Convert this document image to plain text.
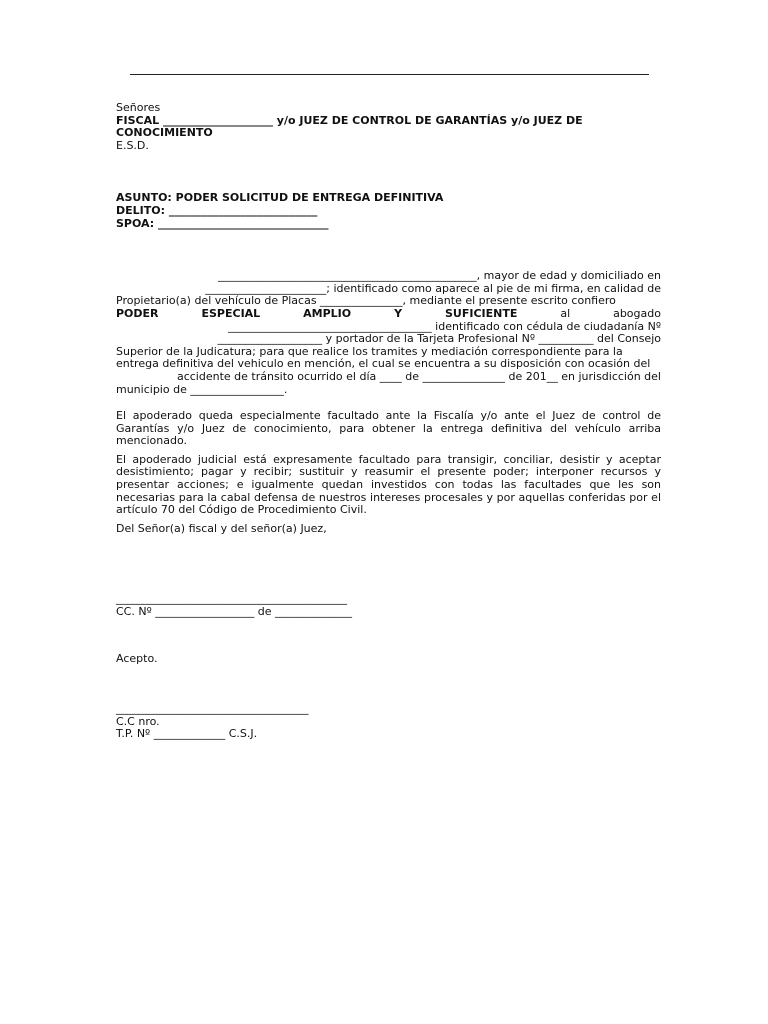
Señores

FISCAL ____________________ y/o JUEZ DE CONTROL DE GARANTÍAS y/o JUEZ DE

CONOCIMIENTO

E.S.D.

ASUNTO: PODER SOLICITUD DE ENTREGA DEFINITIVA

DELITO: ___________________________

SPOA: _______________________________

_______________________________________________, mayor de edad y domiciliado en

______________________; identificado como aparece al pie de mi firma, en calidad de

Propietario(a) del vehículo de Placas _______________, mediante el presente escrito confiero

PODER	ESPECIAL	AMPLIO	Y	SUFICIENTE	al	abogado

_____________________________________ identificado con cédula de ciudadanía Nº

___________________ y portador de la Tarjeta Profesional Nº __________ del Consejo

Superior de la Judicatura; para que realice los tramites y mediación correspondiente para la

entrega definitiva del vehiculo en mención, el cual se encuentra a su disposición con ocasión del

accidente de tránsito ocurrido el día ____ de _______________ de 201__ en jurisdicción del

municipio de _________________.

El apoderado queda especialmente facultado ante la Fiscalía y/o ante el Juez de control de Garantías y/o Juez de conocimiento, para obtener la entrega definitiva del vehículo arriba mencionado.

El apoderado judicial está expresamente facultado para transigir, conciliar, desistir y aceptar desistimiento; pagar y recibir; sustituir y reasumir el presente poder; interponer recursos y presentar acciones; e igualmente quedan investidos con todas las facultades que les son necesarias para la cabal defensa de nuestros intereses procesales y por aquellas conferidas por el artículo 70 del Código de Procedimiento Civil.

Del Señor(a) fiscal y del señor(a) Juez,

__________________________________________

CC. Nº __________________ de ______________

Acepto.

___________________________________

C.C nro.

T.P. Nº _____________ C.S.J.
